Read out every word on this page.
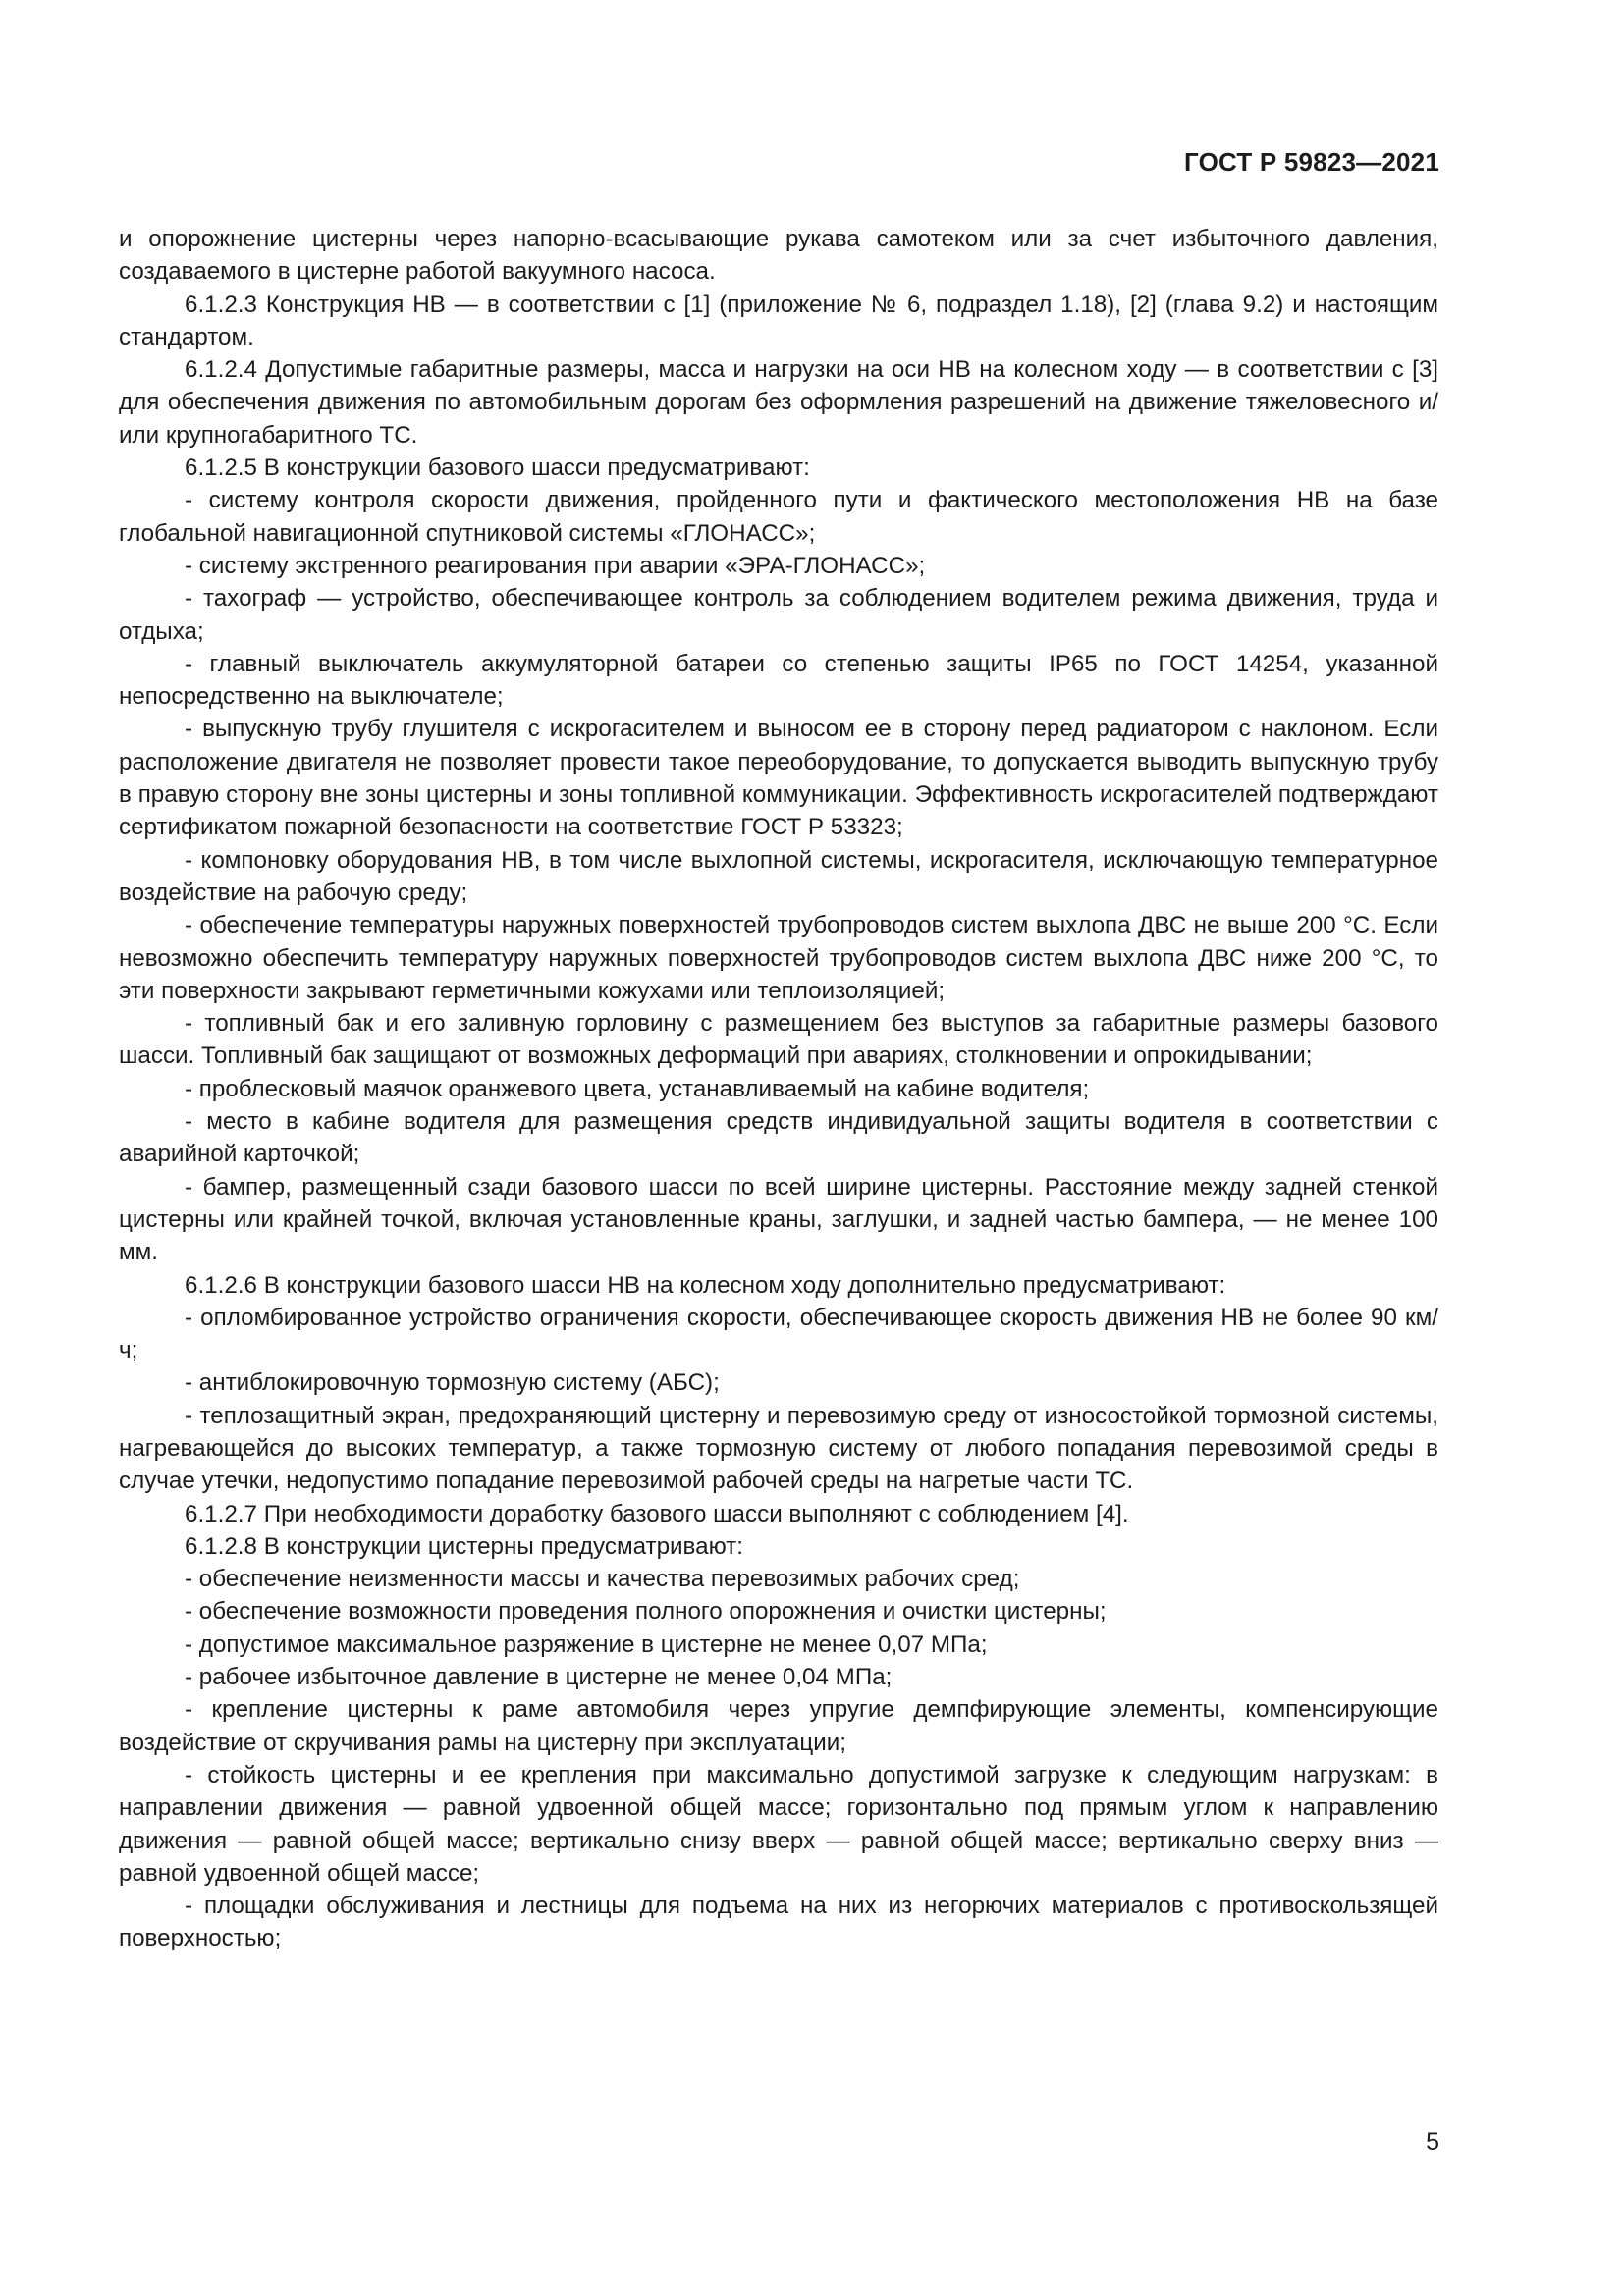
ГОСТ Р 59823—2021

и опорожнение цистерны через напорно-всасывающие рукава самотеком или за счет избыточного давления, создаваемого в цистерне работой вакуумного насоса.

6.1.2.3 Конструкция НВ — в соответствии с [1] (приложение № 6, подраздел 1.18), [2] (глава 9.2) и настоящим стандартом.

6.1.2.4 Допустимые габаритные размеры, масса и нагрузки на оси НВ на колесном ходу — в соответствии с [3] для обеспечения движения по автомобильным дорогам без оформления разрешений на движение тяжеловесного и/или крупногабаритного ТС.

6.1.2.5 В конструкции базового шасси предусматривают:

- систему контроля скорости движения, пройденного пути и фактического местоположения НВ на базе глобальной навигационной спутниковой системы «ГЛОНАСС»;

- систему экстренного реагирования при аварии «ЭРА-ГЛОНАСС»;

- тахограф — устройство, обеспечивающее контроль за соблюдением водителем режима движения, труда и отдыха;

- главный выключатель аккумуляторной батареи со степенью защиты IP65 по ГОСТ 14254, указанной непосредственно на выключателе;

- выпускную трубу глушителя с искрогасителем и выносом ее в сторону перед радиатором с наклоном. Если расположение двигателя не позволяет провести такое переоборудование, то допускается выводить выпускную трубу в правую сторону вне зоны цистерны и зоны топливной коммуникации. Эффективность искрогасителей подтверждают сертификатом пожарной безопасности на соответствие ГОСТ Р 53323;

- компоновку оборудования НВ, в том числе выхлопной системы, искрогасителя, исключающую температурное воздействие на рабочую среду;

- обеспечение температуры наружных поверхностей трубопроводов систем выхлопа ДВС не выше 200 °C. Если невозможно обеспечить температуру наружных поверхностей трубопроводов систем выхлопа ДВС ниже 200 °C, то эти поверхности закрывают герметичными кожухами или теплоизоляцией;

- топливный бак и его заливную горловину с размещением без выступов за габаритные размеры базового шасси. Топливный бак защищают от возможных деформаций при авариях, столкновении и опрокидывании;

- проблесковый маячок оранжевого цвета, устанавливаемый на кабине водителя;

- место в кабине водителя для размещения средств индивидуальной защиты водителя в соответствии с аварийной карточкой;

- бампер, размещенный сзади базового шасси по всей ширине цистерны. Расстояние между задней стенкой цистерны или крайней точкой, включая установленные краны, заглушки, и задней частью бампера, — не менее 100 мм.

6.1.2.6 В конструкции базового шасси НВ на колесном ходу дополнительно предусматривают:

- опломбированное устройство ограничения скорости, обеспечивающее скорость движения НВ не более 90 км/ч;

- антиблокировочную тормозную систему (АБС);

- теплозащитный экран, предохраняющий цистерну и перевозимую среду от износостойкой тормозной системы, нагревающейся до высоких температур, а также тормозную систему от любого попадания перевозимой среды в случае утечки, недопустимо попадание перевозимой рабочей среды на нагретые части ТС.

6.1.2.7 При необходимости доработку базового шасси выполняют с соблюдением [4].

6.1.2.8 В конструкции цистерны предусматривают:

- обеспечение неизменности массы и качества перевозимых рабочих сред;

- обеспечение возможности проведения полного опорожнения и очистки цистерны;

- допустимое максимальное разряжение в цистерне не менее 0,07 МПа;

- рабочее избыточное давление в цистерне не менее 0,04 МПа;

- крепление цистерны к раме автомобиля через упругие демпфирующие элементы, компенсирующие воздействие от скручивания рамы на цистерну при эксплуатации;

- стойкость цистерны и ее крепления при максимально допустимой загрузке к следующим нагрузкам: в направлении движения — равной удвоенной общей массе; горизонтально под прямым углом к направлению движения — равной общей массе; вертикально снизу вверх — равной общей массе; вертикально сверху вниз — равной удвоенной общей массе;

- площадки обслуживания и лестницы для подъема на них из негорючих материалов с противоскользящей поверхностью;

5
